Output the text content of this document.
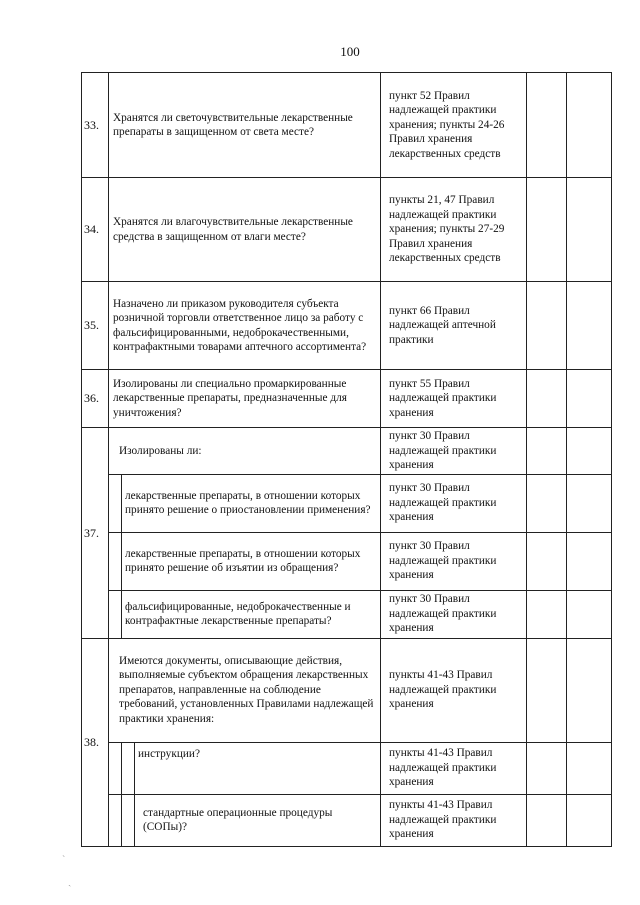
100
33.	Хранятся ли светочувствительные лекарственные препараты в защищенном от света месте?			пункт 52 Правил надлежащей практики хранения; пункты 24-26 Правил хранения лекарственных средств		
34.	Хранятся ли влагочувствительные лекарственные средства в защищенном от влаги месте?			пункты 21, 47 Правил надлежащей практики хранения; пункты 27-29 Правил хранения лекарственных средств		
35.	Назначено ли приказом руководителя субъекта розничной торговли ответственное лицо за работу с фальсифицированными, недоброкачественными, контрафактными товарами аптечного ассортимента?			пункт 66 Правил надлежащей аптечной практики		
36.	Изолированы ли специально промаркированные лекарственные препараты, предназначенные для уничтожения?			пункт 55 Правил надлежащей практики хранения		
37.	Изолированы ли:			пункт 30 Правил надлежащей практики хранения		
		лекарственные препараты, в отношении которых принято решение о приостановлении применения?		пункт 30 Правил надлежащей практики хранения		
		лекарственные препараты, в отношении которых принято решение об изъятии из обращения?		пункт 30 Правил надлежащей практики хранения		
		фальсифицированные, недоброкачественные и контрафактные лекарственные препараты?		пункт 30 Правил надлежащей практики хранения		
38.	Имеются документы, описывающие действия, выполняемые субъектом обращения лекарственных препаратов, направленные на соблюдение требований, установленных Правилами надлежащей практики хранения:			пункты 41-43 Правил надлежащей практики хранения		
			инструкции?	пункты 41-43 Правил надлежащей практики хранения		
			стандартные операционные процедуры (СОПы)?	пункты 41-43 Правил надлежащей практики хранения		
ˋ
ˎ
